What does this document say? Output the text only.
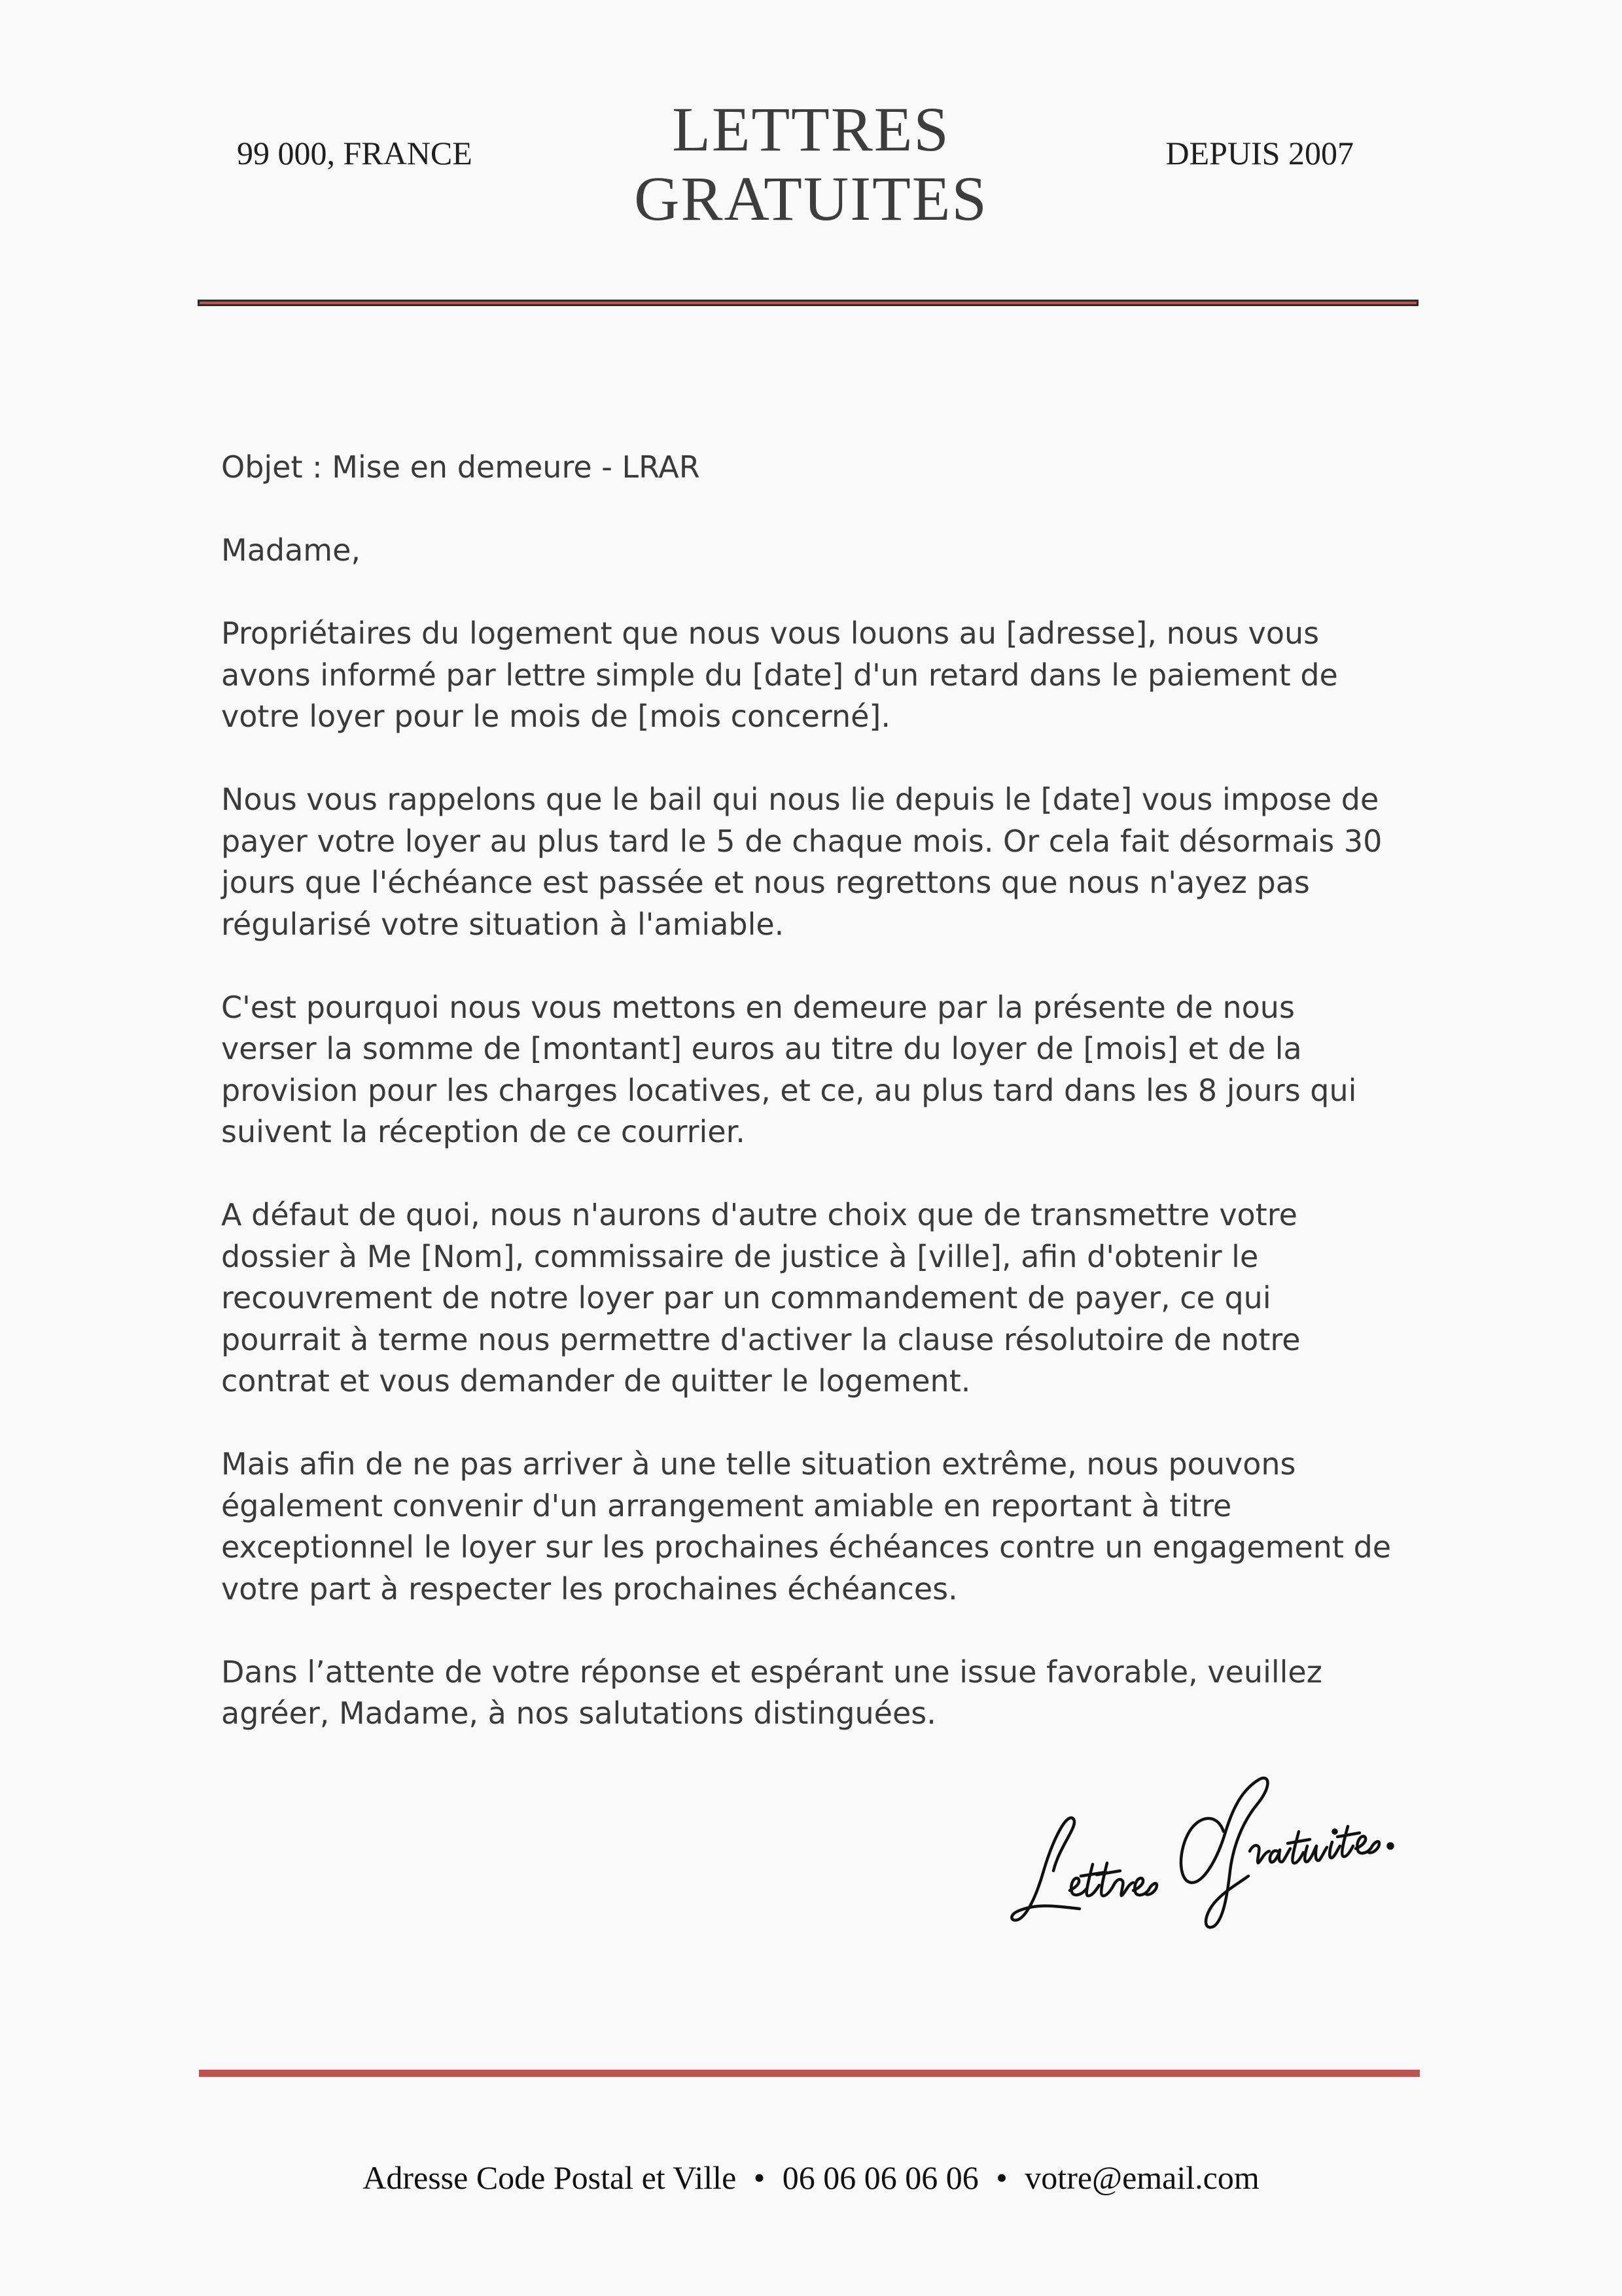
99 000, FRANCE	LETTRES
GRATUITES
DEPUIS 2007

Objet : Mise en demeure - LRAR

Madame,

Propriétaires du logement que nous vous louons au [adresse], nous vous avons informé par lettre simple du [date] d'un retard dans le paiement de votre loyer pour le mois de [mois concerné].

Nous vous rappelons que le bail qui nous lie depuis le [date] vous impose de payer votre loyer au plus tard le 5 de chaque mois. Or cela fait désormais 30 jours que l'échéance est passée et nous regrettons que nous n'ayez pas régularisé votre situation à l'amiable.

C'est pourquoi nous vous mettons en demeure par la présente de nous verser la somme de [montant] euros au titre du loyer de [mois] et de la provision pour les charges locatives, et ce, au plus tard dans les 8 jours qui suivent la réception de ce courrier.

A défaut de quoi, nous n'aurons d'autre choix que de transmettre votre dossier à Me [Nom], commissaire de justice à [ville], afin d'obtenir le recouvrement de notre loyer par un commandement de payer, ce qui pourrait à terme nous permettre d'activer la clause résolutoire de notre contrat et vous demander de quitter le logement.

Mais afin de ne pas arriver à une telle situation extrême, nous pouvons également convenir d'un arrangement amiable en reportant à titre exceptionnel le loyer sur les prochaines échéances contre un engagement de votre part à respecter les prochaines échéances.

Dans l’attente de votre réponse et espérant une issue favorable, veuillez agréer, Madame, à nos salutations distinguées.

Adresse Code Postal et Ville • 06 06 06 06 06 • votre@email.com
